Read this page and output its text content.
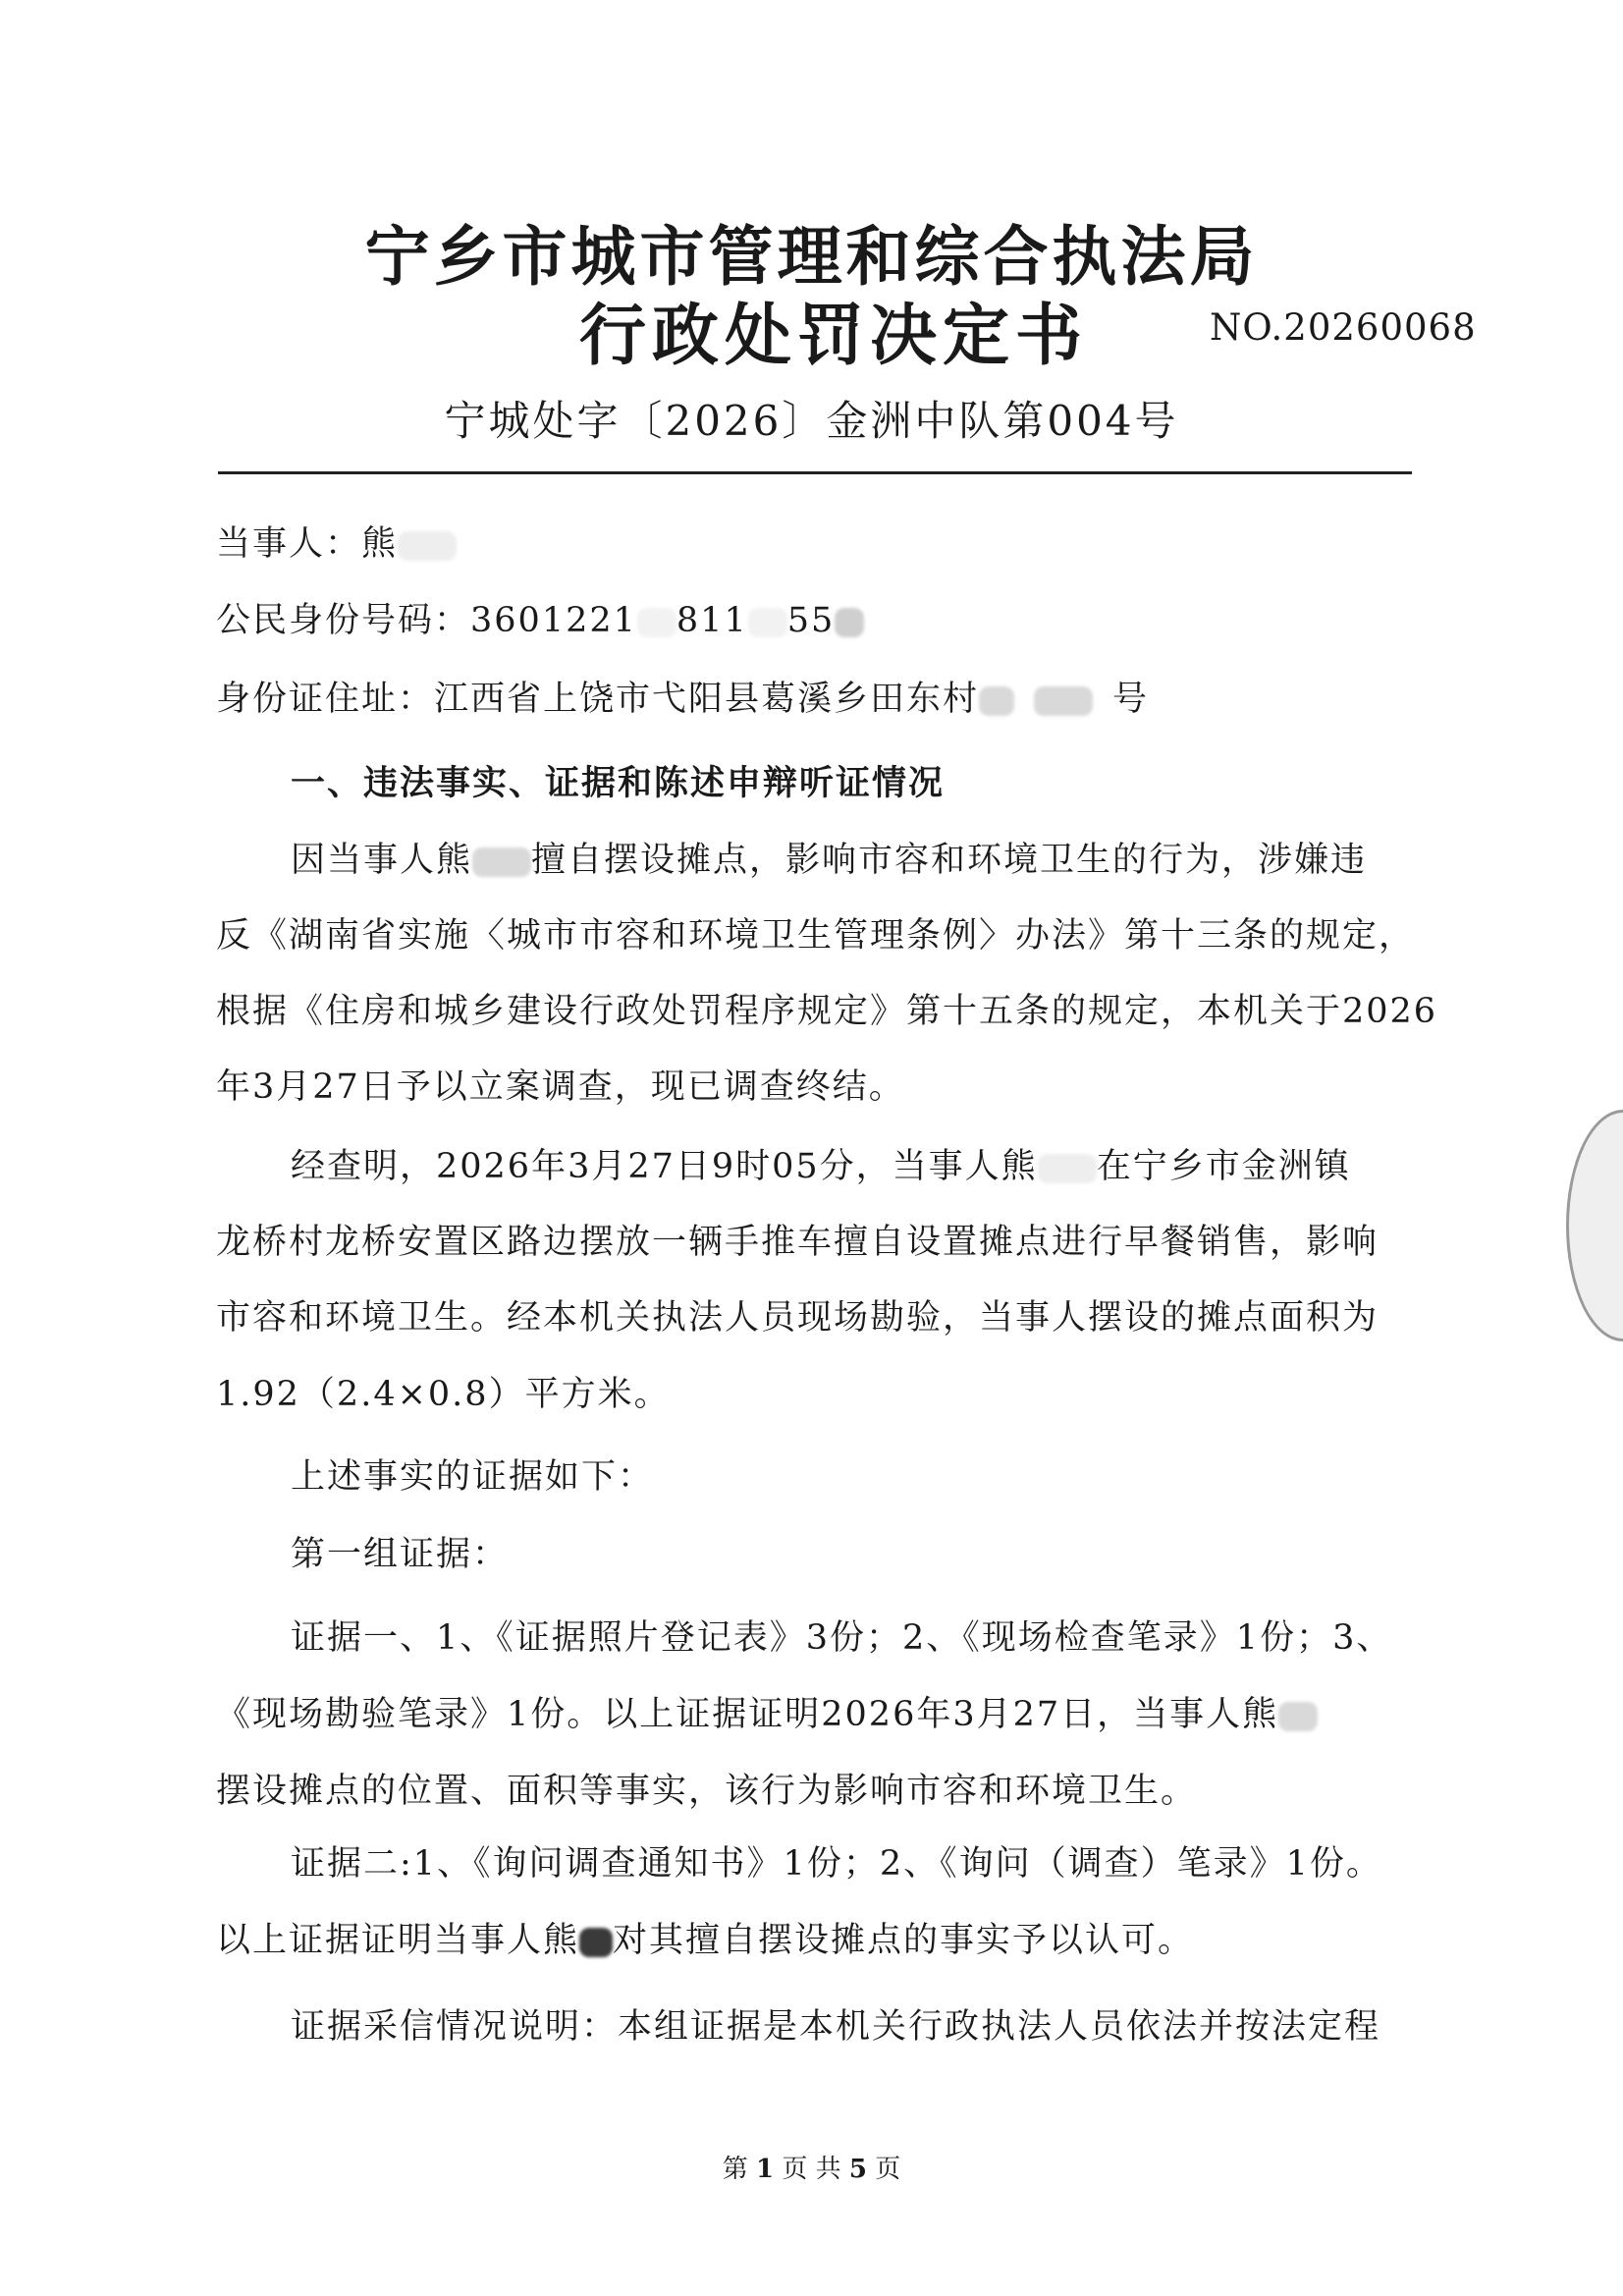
宁乡市城市管理和综合执法局
行政处罚决定书	NO.20260068
宁城处字〔2026〕金洲中队第004号
当事人：熊
公民身份号码：3601221 811 55
身份证住址：江西省上饶市弋阳县葛溪乡田东村	号
一、违法事实、证据和陈述申辩听证情况
因当事人熊 擅自摆设摊点，影响市容和环境卫生的行为，涉嫌违
反《湖南省实施〈城市市容和环境卫生管理条例〉办法》第十三条的规定，
根据《住房和城乡建设行政处罚程序规定》第十五条的规定，本机关于2026
年3月27日予以立案调查，现已调查终结。
经查明，2026年3月27日9时05分，当事人熊 在宁乡市金洲镇
龙桥村龙桥安置区路边摆放一辆手推车擅自设置摊点进行早餐销售，影响
市容和环境卫生。经本机关执法人员现场勘验，当事人摆设的摊点面积为
1.92（2.4×0.8）平方米。
上述事实的证据如下：
第一组证据：
证据一、1、《证据照片登记表》3份；2、《现场检查笔录》1份；3、
《现场勘验笔录》1份。以上证据证明2026年3月27日，当事人熊
摆设摊点的位置、面积等事实，该行为影响市容和环境卫生。
证据二:1、《询问调查通知书》1份；2、《询问（调查）笔录》1份。
以上证据证明当事人熊 对其擅自摆设摊点的事实予以认可。
证据采信情况说明：本组证据是本机关行政执法人员依法并按法定程
第 1 页 共 5 页
